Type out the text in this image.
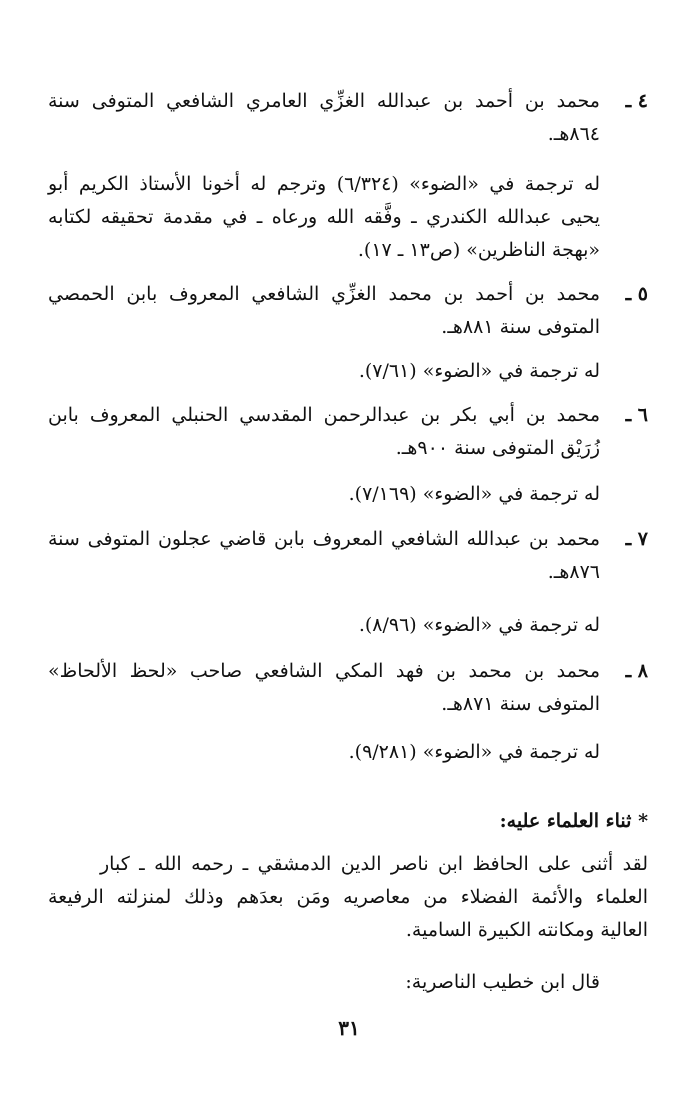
٤ ـ
محمد بن أحمد بن عبدالله الغزِّي العامري الشافعي المتوفى سنة
٨٦٤هـ.
له ترجمة في «الضوء» (٦/٣٢٤) وترجم له أخونا الأستاذ الكريم أبو
يحيى عبدالله الكندري ـ وفَّقه الله ورعاه ـ في مقدمة تحقيقه لكتابه
«بهجة الناظرين» (ص١٣ ـ ١٧).
٥ ـ
محمد بن أحمد بن محمد الغزِّي الشافعي المعروف بابن الحمصي
المتوفى سنة ٨٨١هـ.
له ترجمة في «الضوء» (٧/٦١).
٦ ـ
محمد بن أبي بكر بن عبدالرحمن المقدسي الحنبلي المعروف بابن
زُرَيْق المتوفى سنة ٩٠٠هـ.
له ترجمة في «الضوء» (٧/١٦٩).
٧ ـ
محمد بن عبدالله الشافعي المعروف بابن قاضي عجلون المتوفى سنة
٨٧٦هـ.
له ترجمة في «الضوء» (٨/٩٦).
٨ ـ
محمد بن محمد بن فهد المكي الشافعي صاحب «لحظ الألحاظ»
المتوفى سنة ٨٧١هـ.
له ترجمة في «الضوء» (٩/٢٨١).
* ثناء العلماء عليه:
لقد أثنى على الحافظ ابن ناصر الدين الدمشقي ـ رحمه الله ـ كبار
العلماء والأئمة الفضلاء من معاصريه ومَن بعدَهم وذلك لمنزلته الرفيعة
العالية ومكانته الكبيرة السامية.
قال ابن خطيب الناصرية:
٣١
